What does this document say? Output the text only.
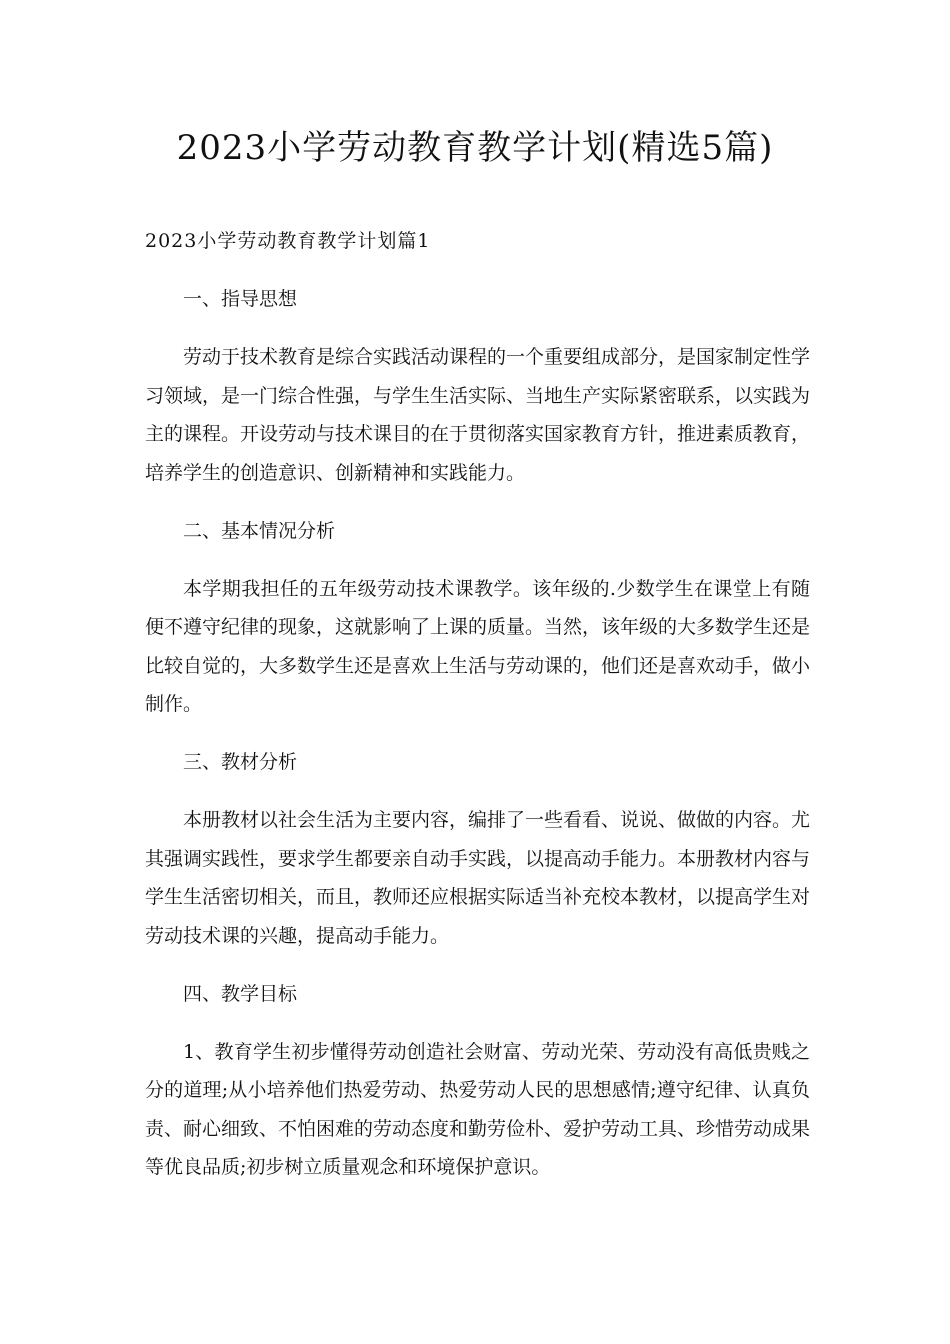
2023小学劳动教育教学计划(精选5篇)
2023小学劳动教育教学计划篇1
一、指导思想
劳动于技术教育是综合实践活动课程的一个重要组成部分，是国家制定性学习领域，是一门综合性强，与学生生活实际、当地生产实际紧密联系，以实践为主的课程。开设劳动与技术课目的在于贯彻落实国家教育方针，推进素质教育，培养学生的创造意识、创新精神和实践能力。
二、基本情况分析
本学期我担任的五年级劳动技术课教学。该年级的.少数学生在课堂上有随便不遵守纪律的现象，这就影响了上课的质量。当然，该年级的大多数学生还是比较自觉的，大多数学生还是喜欢上生活与劳动课的，他们还是喜欢动手，做小制作。
三、教材分析
本册教材以社会生活为主要内容，编排了一些看看、说说、做做的内容。尤其强调实践性，要求学生都要亲自动手实践，以提高动手能力。本册教材内容与学生生活密切相关，而且，教师还应根据实际适当补充校本教材，以提高学生对劳动技术课的兴趣，提高动手能力。
四、教学目标
1、教育学生初步懂得劳动创造社会财富、劳动光荣、劳动没有高低贵贱之分的道理;从小培养他们热爱劳动、热爱劳动人民的思想感情;遵守纪律、认真负责、耐心细致、不怕困难的劳动态度和勤劳俭朴、爱护劳动工具、珍惜劳动成果等优良品质;初步树立质量观念和环境保护意识。
